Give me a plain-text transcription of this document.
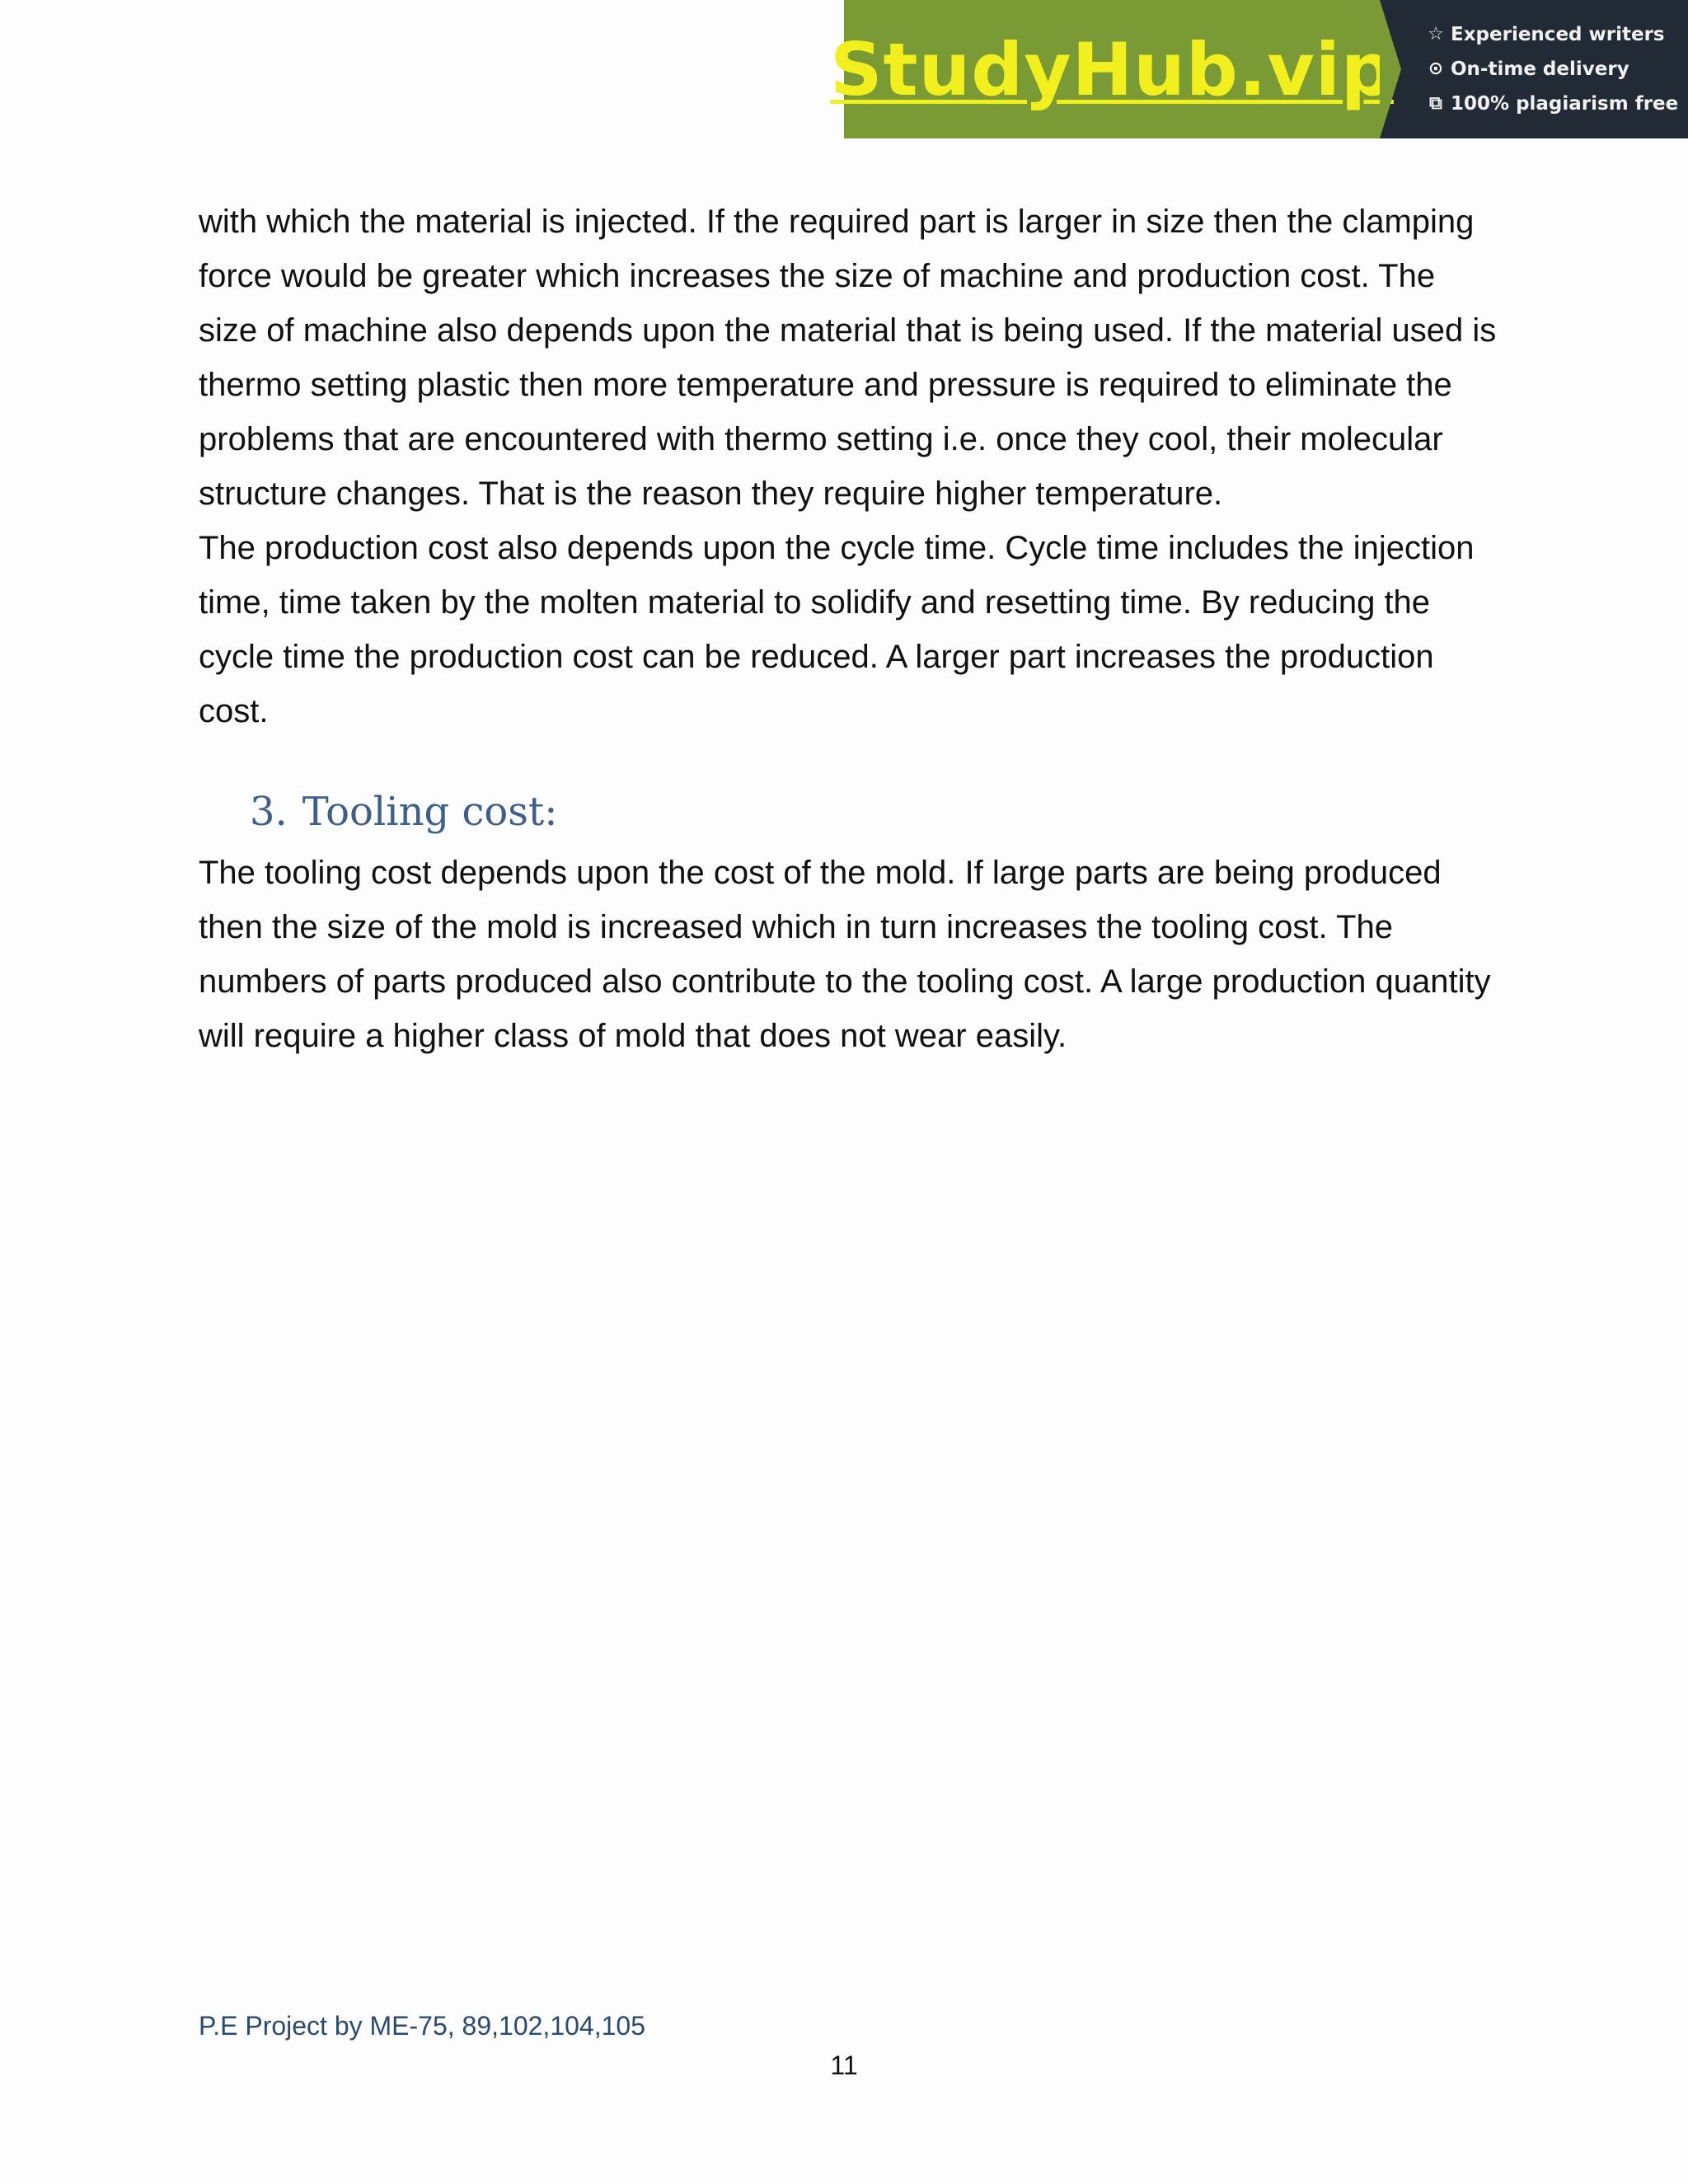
StudyHub.vip ☆ Experienced writers
⊙ On-time delivery
⧉ 100% plagiarism free

with which the material is injected. If the required part is larger in size then the clamping force would be greater which increases the size of machine and production cost. The size of machine also depends upon the material that is being used. If the material used is thermo setting plastic then more temperature and pressure is required to eliminate the problems that are encountered with thermo setting i.e. once they cool, their molecular structure changes. That is the reason they require higher temperature.

The production cost also depends upon the cycle time. Cycle time includes the injection time, time taken by the molten material to solidify and resetting time. By reducing the cycle time the production cost can be reduced. A larger part increases the production cost.

3. Tooling cost:

The tooling cost depends upon the cost of the mold. If large parts are being produced then the size of the mold is increased which in turn increases the tooling cost. The numbers of parts produced also contribute to the tooling cost. A large production quantity will require a higher class of mold that does not wear easily.

P.E Project by ME-75, 89,102,104,105
11
